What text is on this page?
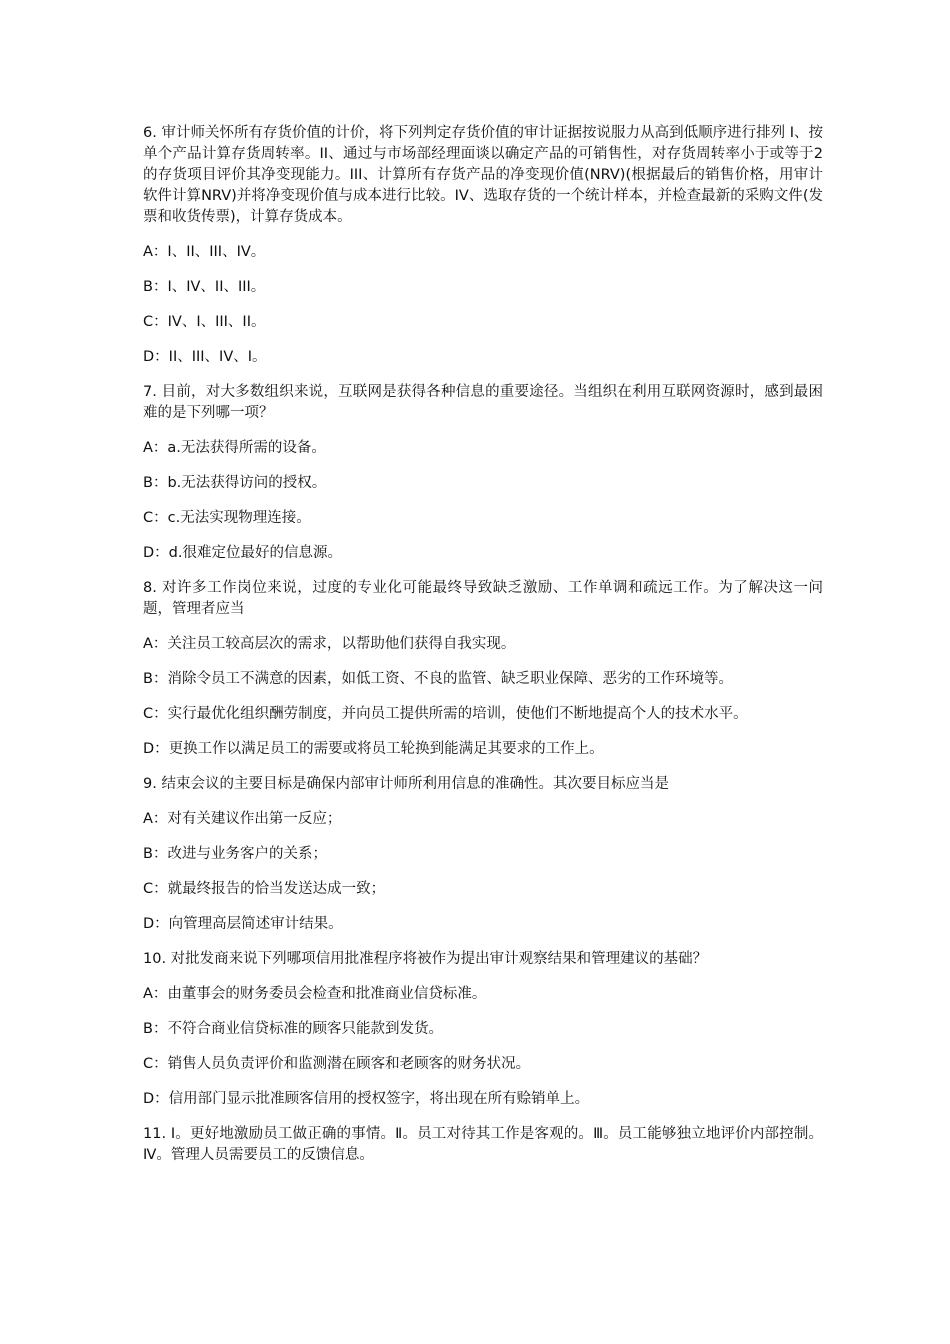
6. 审计师关怀所有存货价值的计价，将下列判定存货价值的审计证据按说服力从高到低顺序进行排列 I、按单个产品计算存货周转率。II、通过与市场部经理面谈以确定产品的可销售性，对存货周转率小于或等于2的存货项目评价其净变现能力。III、计算所有存货产品的净变现价值(NRV)(根据最后的销售价格，用审计软件计算NRV)并将净变现价值与成本进行比较。IV、选取存货的一个统计样本，并检查最新的采购文件(发票和收货传票)，计算存货成本。
A：I、II、III、IV。
B：I、IV、II、III。
C：IV、I、III、II。
D：II、III、IV、I。
7. 目前，对大多数组织来说，互联网是获得各种信息的重要途径。当组织在利用互联网资源时，感到最困难的是下列哪一项？
A：a.无法获得所需的设备。
B：b.无法获得访问的授权。
C：c.无法实现物理连接。
D：d.很难定位最好的信息源。
8. 对许多工作岗位来说，过度的专业化可能最终导致缺乏激励、工作单调和疏远工作。为了解决这一问题，管理者应当
A：关注员工较高层次的需求，以帮助他们获得自我实现。
B：消除令员工不满意的因素，如低工资、不良的监管、缺乏职业保障、恶劣的工作环境等。
C：实行最优化组织酬劳制度，并向员工提供所需的培训，使他们不断地提高个人的技术水平。
D：更换工作以满足员工的需要或将员工轮换到能满足其要求的工作上。
9. 结束会议的主要目标是确保内部审计师所利用信息的准确性。其次要目标应当是
A：对有关建议作出第一反应；
B：改进与业务客户的关系；
C：就最终报告的恰当发送达成一致；
D：向管理高层简述审计结果。
10. 对批发商来说下列哪项信用批准程序将被作为提出审计观察结果和管理建议的基础？
A：由董事会的财务委员会检查和批准商业信贷标准。
B：不符合商业信贷标准的顾客只能款到发货。
C：销售人员负责评价和监测潜在顾客和老顾客的财务状况。
D：信用部门显示批准顾客信用的授权签字，将出现在所有赊销单上。
11. Ⅰ。更好地激励员工做正确的事情。Ⅱ。员工对待其工作是客观的。Ⅲ。员工能够独立地评价内部控制。Ⅳ。管理人员需要员工的反馈信息。
